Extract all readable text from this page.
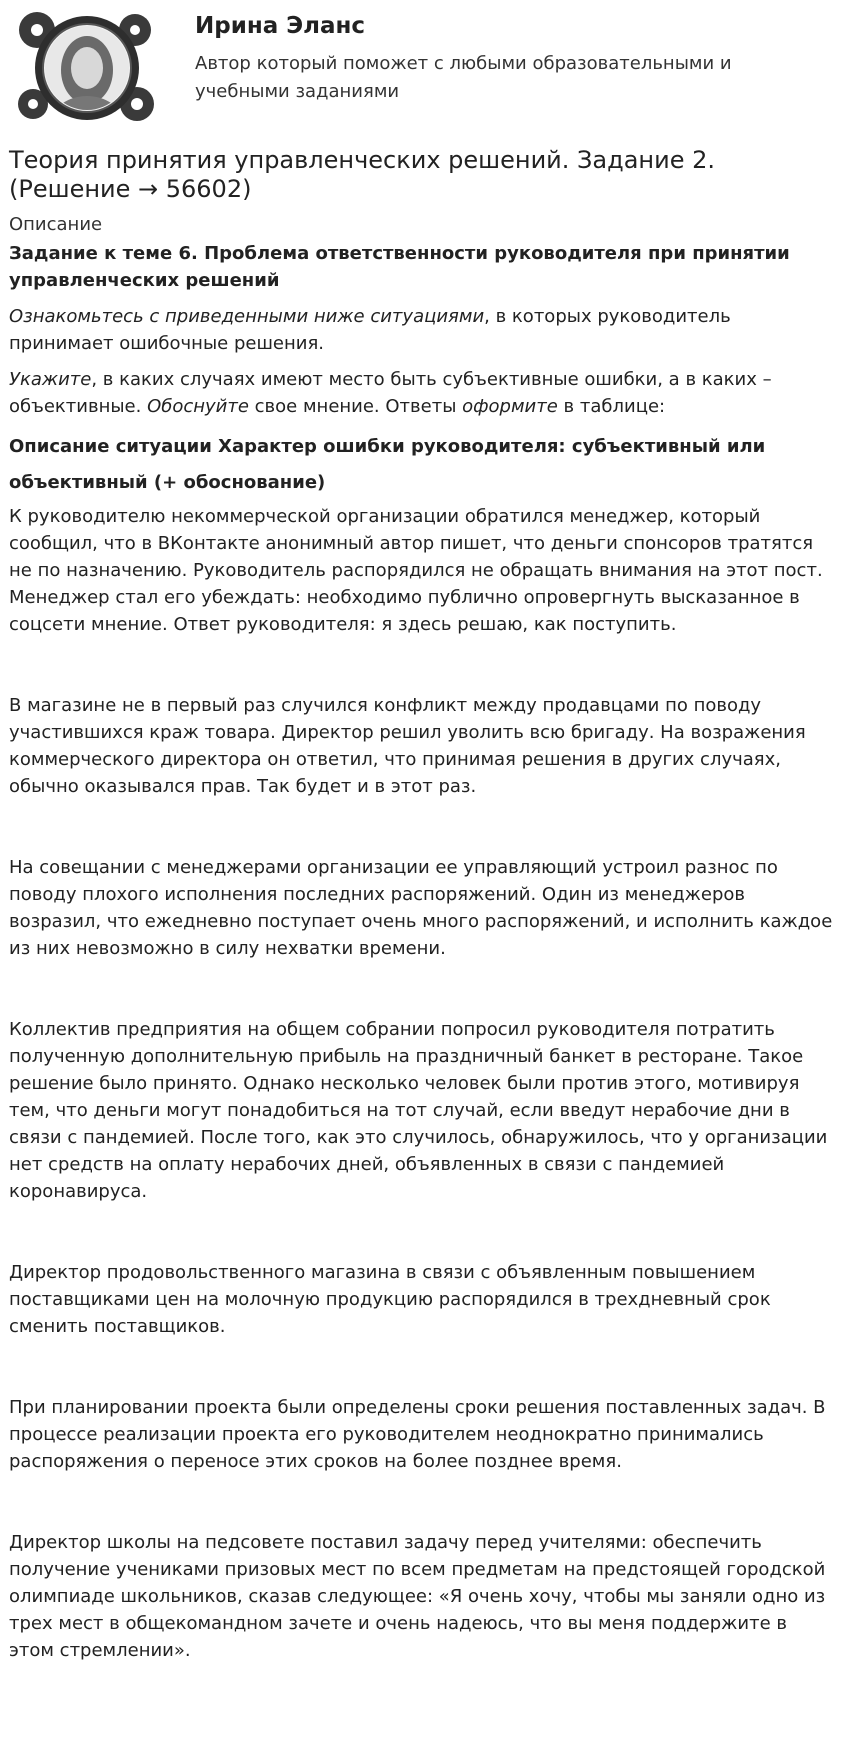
Ирина Эланс
Автор который поможет с любыми образовательными и учебными заданиями
Теория принятия управленческих решений. Задание 2. (Решение → 56602)
Описание

Задание к теме 6. Проблема ответственности руководителя при принятии управленческих решений

Ознакомьтесь с приведенными ниже ситуациями, в которых руководитель принимает ошибочные решения.

Укажите, в каких случаях имеют место быть субъективные ошибки, а в каких – объективные. Обоснуйте свое мнение. Ответы оформите в таблице:

Описание ситуации Характер ошибки руководителя: субъективный или объективный (+ обоснование)

К руководителю некоммерческой организации обратился менеджер, который сообщил, что в ВКонтакте анонимный автор пишет, что деньги спонсоров тратятся не по назначению. Руководитель распорядился не обращать внимания на этот пост. Менеджер стал его убеждать: необходимо публично опровергнуть высказанное в соцсети мнение. Ответ руководителя: я здесь решаю, как поступить.

В магазине не в первый раз случился конфликт между продавцами по поводу участившихся краж товара. Директор решил уволить всю бригаду. На возражения коммерческого директора он ответил, что принимая решения в других случаях, обычно оказывался прав. Так будет и в этот раз.

На совещании с менеджерами организации ее управляющий устроил разнос по поводу плохого исполнения последних распоряжений. Один из менеджеров возразил, что ежедневно поступает очень много распоряжений, и исполнить каждое из них невозможно в силу нехватки времени.

Коллектив предприятия на общем собрании попросил руководителя потратить полученную дополнительную прибыль на праздничный банкет в ресторане. Такое решение было принято. Однако несколько человек были против этого, мотивируя тем, что деньги могут понадобиться на тот случай, если введут нерабочие дни в связи с пандемией. После того, как это случилось, обнаружилось, что у организации нет средств на оплату нерабочих дней, объявленных в связи с пандемией коронавируса.

Директор продовольственного магазина в связи с объявленным повышением поставщиками цен на молочную продукцию распорядился в трехдневный срок сменить поставщиков.

При планировании проекта были определены сроки решения поставленных задач. В процессе реализации проекта его руководителем неоднократно принимались распоряжения о переносе этих сроков на более позднее время.

Директор школы на педсовете поставил задачу перед учителями: обеспечить получение учениками призовых мест по всем предметам на предстоящей городской олимпиаде школьников, сказав следующее: «Я очень хочу, чтобы мы заняли одно из трех мест в общекомандном зачете и очень надеюсь, что вы меня поддержите в этом стремлении».
